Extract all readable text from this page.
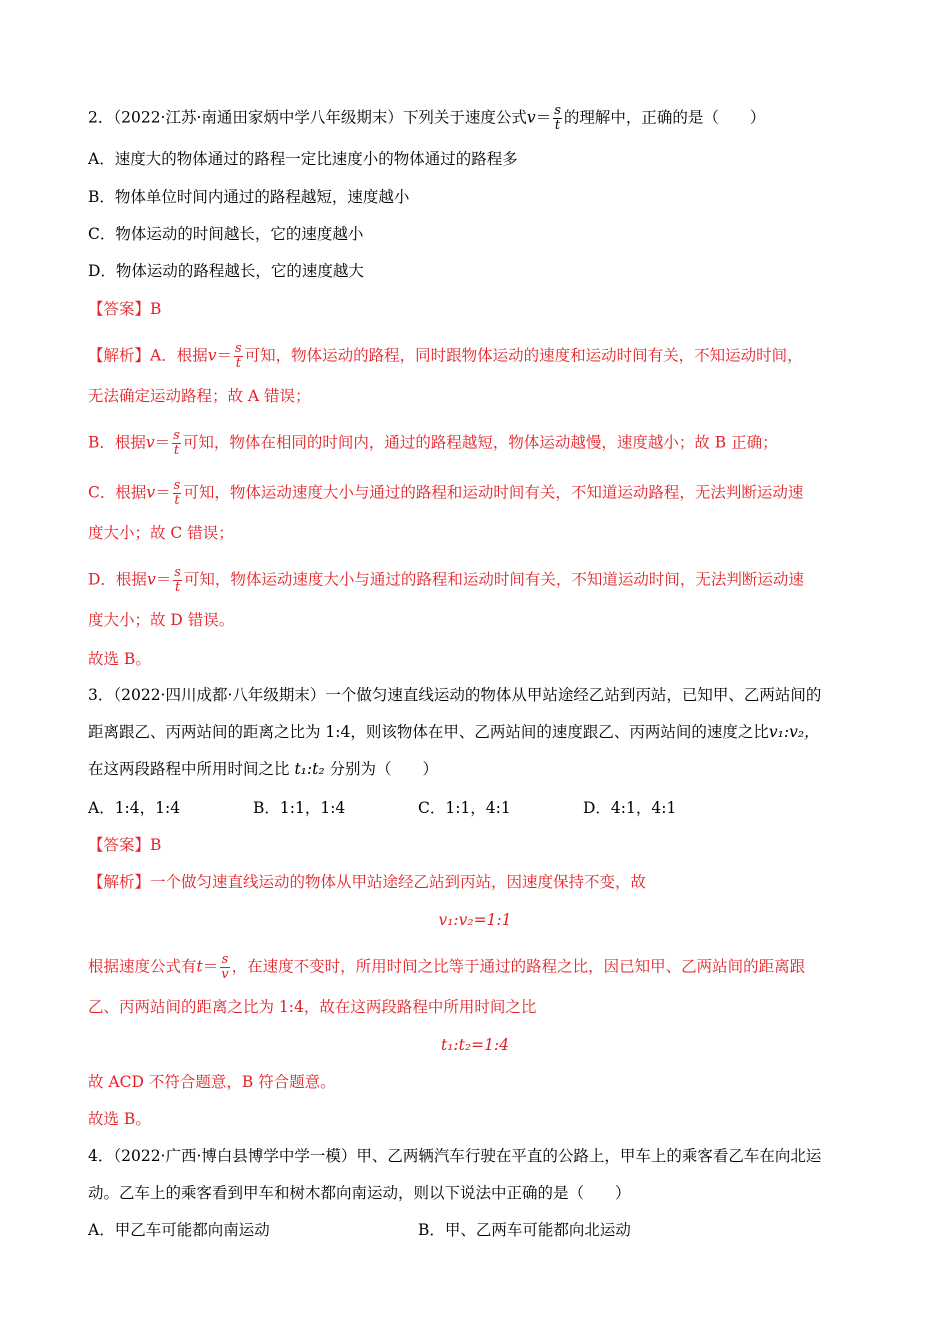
2．（2022·江苏·南通田家炳中学八年级期末）下列关于速度公式$v= \frac{s}{t}$ 的理解中，正确的是（　　）
A．速度大的物体通过的路程一定比速度小的物体通过的路程多
B．物体单位时间内通过的路程越短，速度越小
C．物体运动的时间越长，它的速度越小
D．物体运动的路程越长，它的速度越大
【答案】B
【解析】A．根据$v= \frac{s}{t}$ 可知，物体运动的路程，同时跟物体运动的速度和运动时间有关，不知运动时间，
无法确定运动路程；故 A 错误；
B．根据$v= \frac{s}{t}$ 可知，物体在相同的时间内，通过的路程越短，物体运动越慢，速度越小；故 B 正确；
C．根据$v= \frac{s}{t}$ 可知，物体运动速度大小与通过的路程和运动时间有关，不知道运动路程，无法判断运动速
度大小；故 C 错误；
D．根据$v= \frac{s}{t}$ 可知，物体运动速度大小与通过的路程和运动时间有关，不知道运动时间，无法判断运动速
度大小；故 D 错误。
故选 B。
3．（2022·四川成都·八年级期末）一个做匀速直线运动的物体从甲站途经乙站到丙站，已知甲、乙两站间的
距离跟乙、丙两站间的距离之比为 1:4，则该物体在甲、乙两站间的速度跟乙、丙两站间的速度之比v₁:v₂，
在这两段路程中所用时间之比 t₁:t₂ 分别为（　　）
A．1:4，1:4	B．1:1，1:4	C．1:1，4:1	D．4:1，4:1
【答案】B
【解析】一个做匀速直线运动的物体从甲站途经乙站到丙站，因速度保持不变，故
v₁:v₂=1:1
根据速度公式有$t= \frac{s}{v}$ ，在速度不变时，所用时间之比等于通过的路程之比，因已知甲、乙两站间的距离跟
乙、丙两站间的距离之比为 1:4，故在这两段路程中所用时间之比
t₁:t₂=1:4
故 ACD 不符合题意，B 符合题意。
故选 B。
4．（2022·广西·博白县博学中学一模）甲、乙两辆汽车行驶在平直的公路上，甲车上的乘客看乙车在向北运
动。乙车上的乘客看到甲车和树木都向南运动，则以下说法中正确的是（　　）
A．甲乙车可能都向南运动	B．甲、乙两车可能都向北运动
